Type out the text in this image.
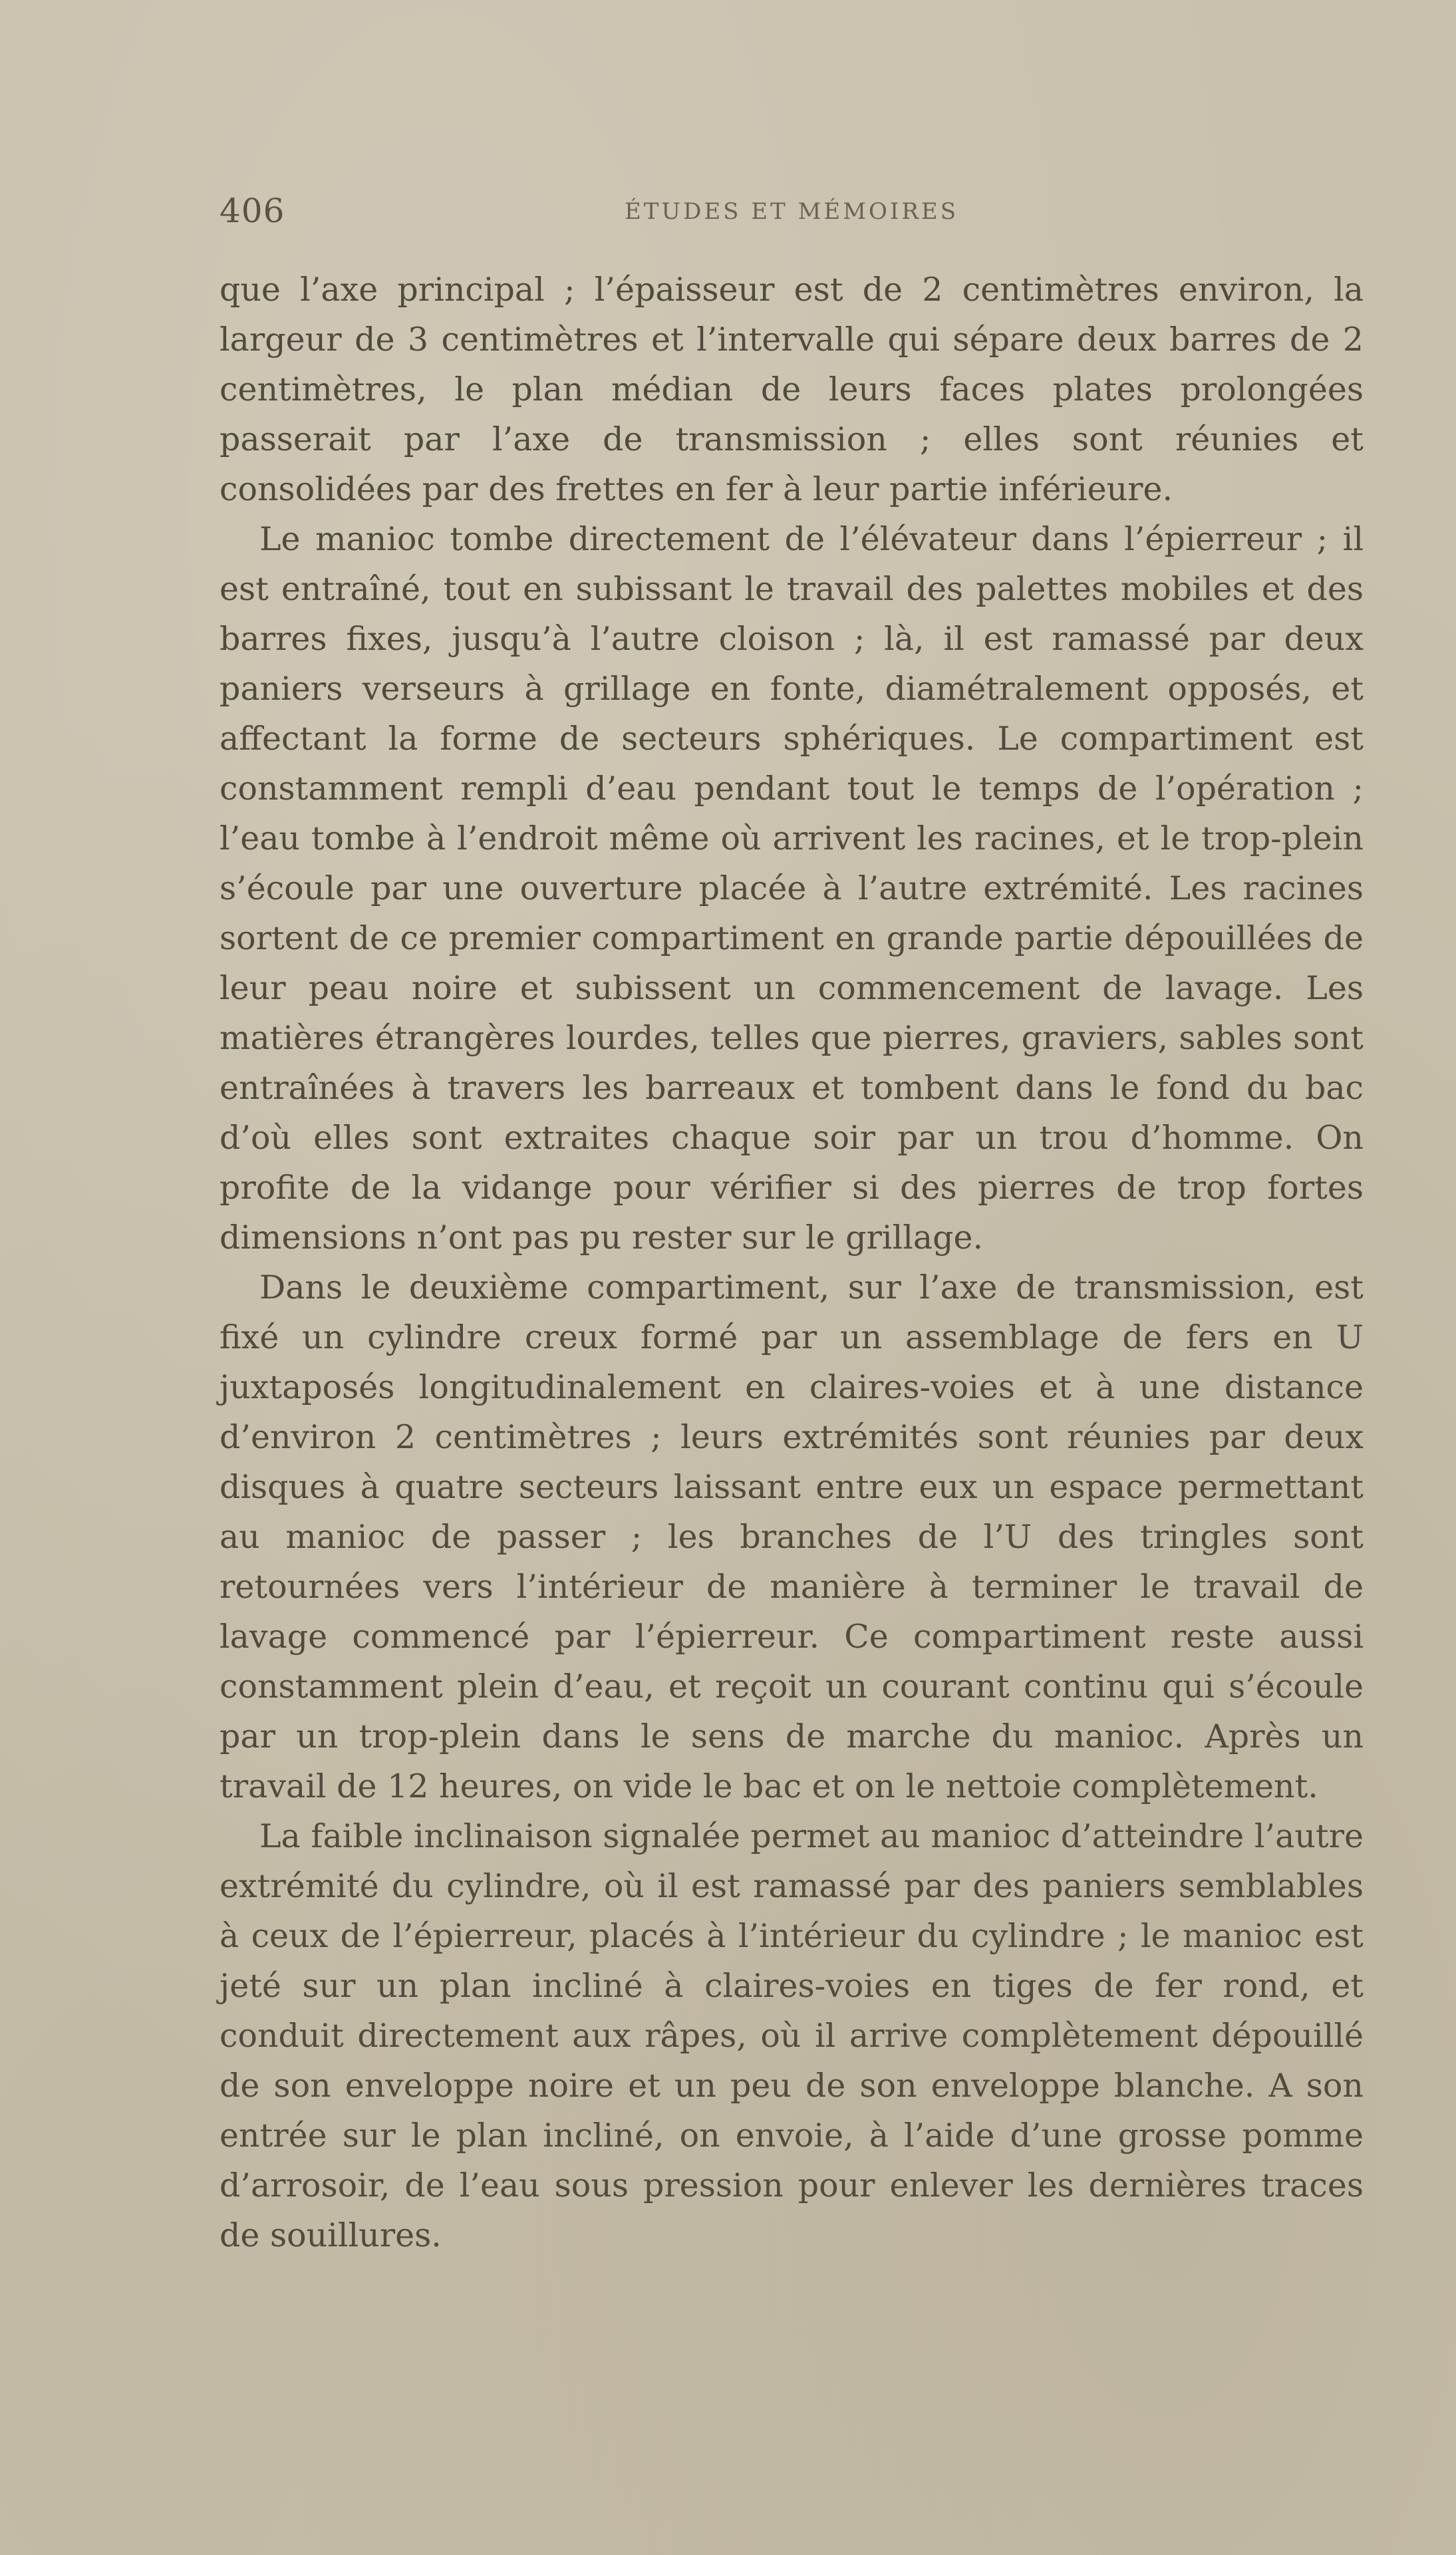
406	ÉTUDES ET MÉMOIRES

que l’axe principal ; l’épaisseur est de 2 centimètres environ, la largeur de 3 centimètres et l’intervalle qui sépare deux barres de 2 centimètres, le plan médian de leurs faces plates prolongées passerait par l’axe de transmission ; elles sont réunies et consolidées par des frettes en fer à leur partie inférieure.

Le manioc tombe directement de l’élévateur dans l’épierreur ; il est entraîné, tout en subissant le travail des palettes mobiles et des barres fixes, jusqu’à l’autre cloison ; là, il est ramassé par deux paniers verseurs à grillage en fonte, diamétralement opposés, et affectant la forme de secteurs sphériques. Le compartiment est constamment rempli d’eau pendant tout le temps de l’opération ; l’eau tombe à l’endroit même où arrivent les racines, et le trop-plein s’écoule par une ouverture placée à l’autre extrémité. Les racines sortent de ce premier compartiment en grande partie dépouillées de leur peau noire et subissent un commencement de lavage. Les matières étrangères lourdes, telles que pierres, graviers, sables sont entraînées à travers les barreaux et tombent dans le fond du bac d’où elles sont extraites chaque soir par un trou d’homme. On profite de la vidange pour vérifier si des pierres de trop fortes dimensions n’ont pas pu rester sur le grillage.

Dans le deuxième compartiment, sur l’axe de transmission, est fixé un cylindre creux formé par un assemblage de fers en U juxtaposés longitudinalement en claires-voies et à une distance d’environ 2 centimètres ; leurs extrémités sont réunies par deux disques à quatre secteurs laissant entre eux un espace permettant au manioc de passer ; les branches de l’U des tringles sont retournées vers l’intérieur de manière à terminer le travail de lavage commencé par l’épierreur. Ce compartiment reste aussi constamment plein d’eau, et reçoit un courant continu qui s’écoule par un trop-plein dans le sens de marche du manioc. Après un travail de 12 heures, on vide le bac et on le nettoie complètement.

La faible inclinaison signalée permet au manioc d’atteindre l’autre extrémité du cylindre, où il est ramassé par des paniers semblables à ceux de l’épierreur, placés à l’intérieur du cylindre ; le manioc est jeté sur un plan incliné à claires-voies en tiges de fer rond, et conduit directement aux râpes, où il arrive complètement dépouillé de son enveloppe noire et un peu de son enveloppe blanche. A son entrée sur le plan incliné, on envoie, à l’aide d’une grosse pomme d’arrosoir, de l’eau sous pression pour enlever les dernières traces de souillures.
